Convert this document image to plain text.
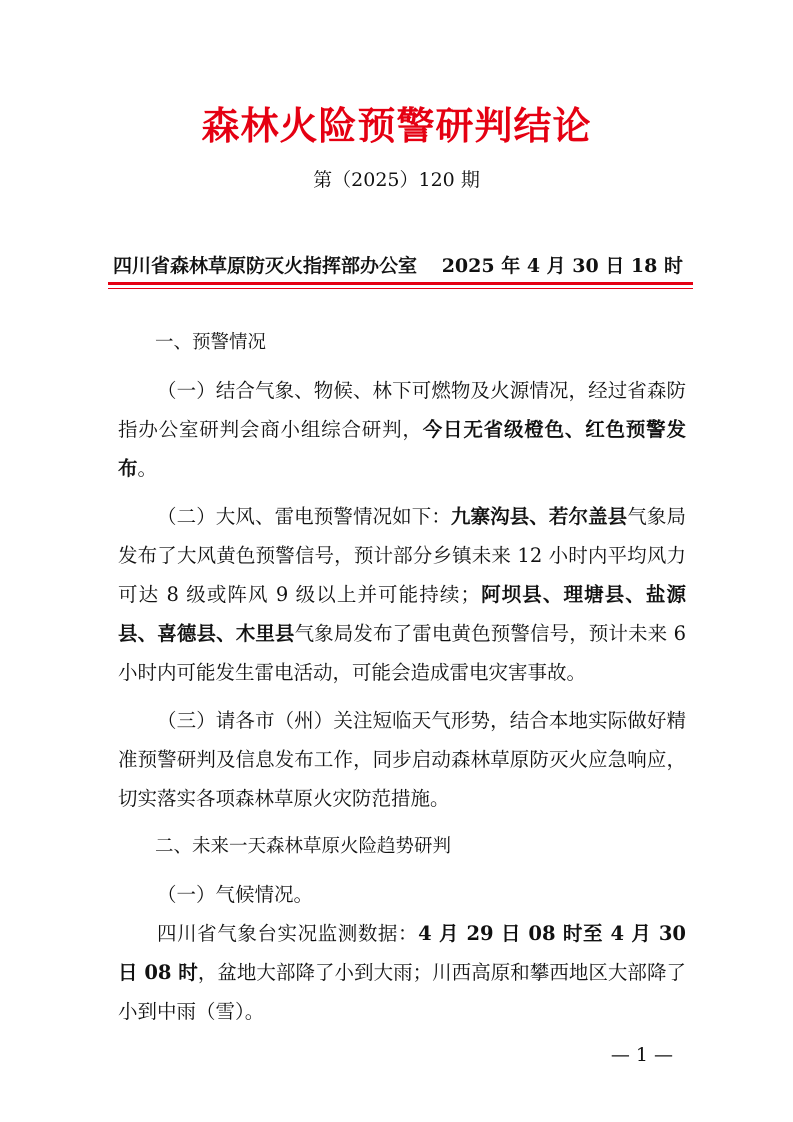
森林火险预警研判结论
第（2025）120 期
四川省森林草原防灭火指挥部办公室 2025 年 4 月 30 日 18 时

一、预警情况

（一）结合气象、物候、林下可燃物及火源情况，经过省森防指办公室研判会商小组综合研判，今日无省级橙色、红色预警发布。

（二）大风、雷电预警情况如下：九寨沟县、若尔盖县气象局发布了大风黄色预警信号，预计部分乡镇未来 12 小时内平均风力可达 8 级或阵风 9 级以上并可能持续；阿坝县、理塘县、盐源县、喜德县、木里县气象局发布了雷电黄色预警信号，预计未来 6 小时内可能发生雷电活动，可能会造成雷电灾害事故。

（三）请各市（州）关注短临天气形势，结合本地实际做好精准预警研判及信息发布工作，同步启动森林草原防灭火应急响应，切实落实各项森林草原火灾防范措施。

二、未来一天森林草原火险趋势研判

（一）气候情况。

四川省气象台实况监测数据：4 月 29 日 08 时至 4 月 30 日 08 时，盆地大部降了小到大雨；川西高原和攀西地区大部降了小到中雨（雪）。

— 1 —
